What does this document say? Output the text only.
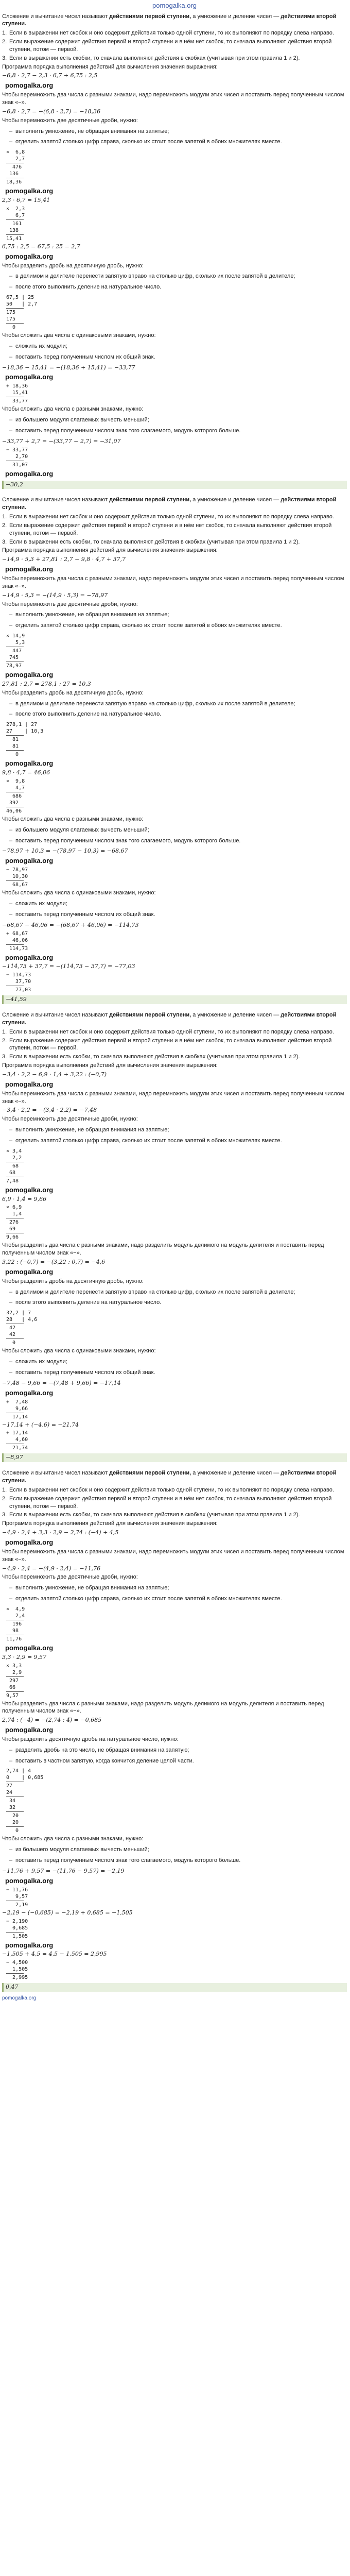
pomogalka.org
Сложение и вычитание чисел называют действиями первой ступени, а умножение и деление чисел — действиями второй ступени.
1. Если в выражении нет скобок и оно содержит действия только одной ступени, то их выполняют по порядку слева направо.
2. Если выражение содержит действия первой и второй ступени и в нём нет скобок, то сначала выполняют действия второй ступени, потом — первой.
3. Если в выражении есть скобки, то сначала выполняют действия в скобках (учитывая при этом правила 1 и 2).
Программа порядка выполнения действий для вычисления значения выражения:
−6,8 · 2,7 − 2,3 · 6,7 + 6,75 : 2,5
pomogalka.org
Чтобы перемножить два числа с разными знаками, надо перемножить модули этих чисел и поставить перед полученным числом знак «−».
−6,8 · 2,7 = −(6,8 · 2,7) = −18,36
Чтобы перемножить две десятичные дроби, нужно:
– выполнить умножение, не обращая внимания на запятые;
– отделить запятой столько цифр справа, сколько их стоит после запятой в обоих множителях вместе.
×  6,8
2,7
476
136
18,36
pomogalka.org
2,3 · 6,7 = 15,41
×  2,3
6,7
161
138
15,41
6,75 : 2,5 = 67,5 : 25 = 2,7
pomogalka.org
Чтобы разделить дробь на десятичную дробь, нужно:
– в делимом и делителе перенести запятую вправо на столько цифр, сколько их после запятой в делителе;
– после этого выполнить деление на натуральное число.
67,5 | 25
50   | 2,7
175
175
0
Чтобы сложить два числа с одинаковыми знаками, нужно:
– сложить их модули;
– поставить перед полученным числом их общий знак.
−18,36 − 15,41 = −(18,36 + 15,41) = −33,77
pomogalka.org
+ 18,36
15,41
33,77
Чтобы сложить два числа с разными знаками, нужно:
– из большего модуля слагаемых вычесть меньший;
– поставить перед полученным числом знак того слагаемого, модуль которого больше.
−33,77 + 2,7 = −(33,77 − 2,7) = −31,07
− 33,77
2,70
31,07
pomogalka.org
−30,2
Сложение и вычитание чисел называют действиями первой ступени, а умножение и деление чисел — действиями второй ступени.
1. Если в выражении нет скобок и оно содержит действия только одной ступени, то их выполняют по порядку слева направо.
2. Если выражение содержит действия первой и второй ступени и в нём нет скобок, то сначала выполняют действия второй ступени, потом — первой.
3. Если в выражении есть скобки, то сначала выполняют действия в скобках (учитывая при этом правила 1 и 2).
Программа порядка выполнения действий для вычисления значения выражения:
−14,9 · 5,3 + 27,81 : 2,7 − 9,8 · 4,7 + 37,7
pomogalka.org
Чтобы перемножить два числа с разными знаками, надо перемножить модули этих чисел и поставить перед полученным числом знак «−».
−14,9 · 5,3 = −(14,9 · 5,3) = −78,97
Чтобы перемножить две десятичные дроби, нужно:
– выполнить умножение, не обращая внимания на запятые;
– отделить запятой столько цифр справа, сколько их стоит после запятой в обоих множителях вместе.
× 14,9
5,3
447
745
78,97
pomogalka.org
27,81 : 2,7 = 278,1 : 27 = 10,3
Чтобы разделить дробь на десятичную дробь, нужно:
– в делимом и делителе перенести запятую вправо на столько цифр, сколько их после запятой в делителе;
– после этого выполнить деление на натуральное число.
278,1 | 27
27    | 10,3
81
81
0
pomogalka.org
9,8 · 4,7 = 46,06
×  9,8
4,7
686
392
46,06
Чтобы сложить два числа с разными знаками, нужно:
– из большего модуля слагаемых вычесть меньший;
– поставить перед полученным числом знак того слагаемого, модуль которого больше.
−78,97 + 10,3 = −(78,97 − 10,3) = −68,67
pomogalka.org
− 78,97
10,30
68,67
Чтобы сложить два числа с одинаковыми знаками, нужно:
– сложить их модули;
– поставить перед полученным числом их общий знак.
−68,67 − 46,06 = −(68,67 + 46,06) = −114,73
+ 68,67
46,06
114,73
pomogalka.org
−114,73 + 37,7 = −(114,73 − 37,7) = −77,03
− 114,73
37,70
77,03
−41,59
Сложение и вычитание чисел называют действиями первой ступени, а умножение и деление чисел — действиями второй ступени.
1. Если в выражении нет скобок и оно содержит действия только одной ступени, то их выполняют по порядку слева направо.
2. Если выражение содержит действия первой и второй ступени и в нём нет скобок, то сначала выполняют действия второй ступени, потом — первой.
3. Если в выражении есть скобки, то сначала выполняют действия в скобках (учитывая при этом правила 1 и 2).
Программа порядка выполнения действий для вычисления значения выражения:
−3,4 · 2,2 − 6,9 · 1,4 + 3,22 : (−0,7)
pomogalka.org
Чтобы перемножить два числа с разными знаками, надо перемножить модули этих чисел и поставить перед полученным числом знак «−».
−3,4 · 2,2 = −(3,4 · 2,2) = −7,48
Чтобы перемножить две десятичные дроби, нужно:
– выполнить умножение, не обращая внимания на запятые;
– отделить запятой столько цифр справа, сколько их стоит после запятой в обоих множителях вместе.
× 3,4
2,2
68
68
7,48
pomogalka.org
6,9 · 1,4 = 9,66
× 6,9
1,4
276
69
9,66
Чтобы разделить два числа с разными знаками, надо разделить модуль делимого на модуль делителя и поставить перед полученным числом знак «−».
3,22 : (−0,7) = −(3,22 : 0,7) = −4,6
pomogalka.org
Чтобы разделить дробь на десятичную дробь, нужно:
– в делимом и делителе перенести запятую вправо на столько цифр, сколько их после запятой в делителе;
– после этого выполнить деление на натуральное число.
32,2 | 7
28   | 4,6
42
42
0
Чтобы сложить два числа с одинаковыми знаками, нужно:
– сложить их модули;
– поставить перед полученным числом их общий знак.
−7,48 − 9,66 = −(7,48 + 9,66) = −17,14
pomogalka.org
+  7,48
9,66
17,14
−17,14 + (−4,6) = −21,74
+ 17,14
4,60
21,74
−8,97
Сложение и вычитание чисел называют действиями первой ступени, а умножение и деление чисел — действиями второй ступени.
1. Если в выражении нет скобок и оно содержит действия только одной ступени, то их выполняют по порядку слева направо.
2. Если выражение содержит действия первой и второй ступени и в нём нет скобок, то сначала выполняют действия второй ступени, потом — первой.
3. Если в выражении есть скобки, то сначала выполняют действия в скобках (учитывая при этом правила 1 и 2).
Программа порядка выполнения действий для вычисления значения выражения:
−4,9 · 2,4 + 3,3 · 2,9 − 2,74 : (−4) + 4,5
pomogalka.org
Чтобы перемножить два числа с разными знаками, надо перемножить модули этих чисел и поставить перед полученным числом знак «−».
−4,9 · 2,4 = −(4,9 · 2,4) = −11,76
Чтобы перемножить две десятичные дроби, нужно:
– выполнить умножение, не обращая внимания на запятые;
– отделить запятой столько цифр справа, сколько их стоит после запятой в обоих множителях вместе.
×  4,9
2,4
196
98
11,76
pomogalka.org
3,3 · 2,9 = 9,57
× 3,3
2,9
297
66
9,57
Чтобы разделить два числа с разными знаками, надо разделить модуль делимого на модуль делителя и поставить перед полученным числом знак «−».
2,74 : (−4) = −(2,74 : 4) = −0,685
pomogalka.org
Чтобы разделить десятичную дробь на натуральное число, нужно:
– разделить дробь на это число, не обращая внимания на запятую;
– поставить в частном запятую, когда кончится деление целой части.
2,74 | 4
0    | 0,685
27
24
34
32
20
20
0
Чтобы сложить два числа с разными знаками, нужно:
– из большего модуля слагаемых вычесть меньший;
– поставить перед полученным числом знак того слагаемого, модуль которого больше.
−11,76 + 9,57 = −(11,76 − 9,57) = −2,19
pomogalka.org
− 11,76
9,57
2,19
−2,19 − (−0,685) = −2,19 + 0,685 = −1,505
− 2,190
0,685
1,505
pomogalka.org
−1,505 + 4,5 = 4,5 − 1,505 = 2,995
− 4,500
1,505
2,995
0,47
pomogalka.org
